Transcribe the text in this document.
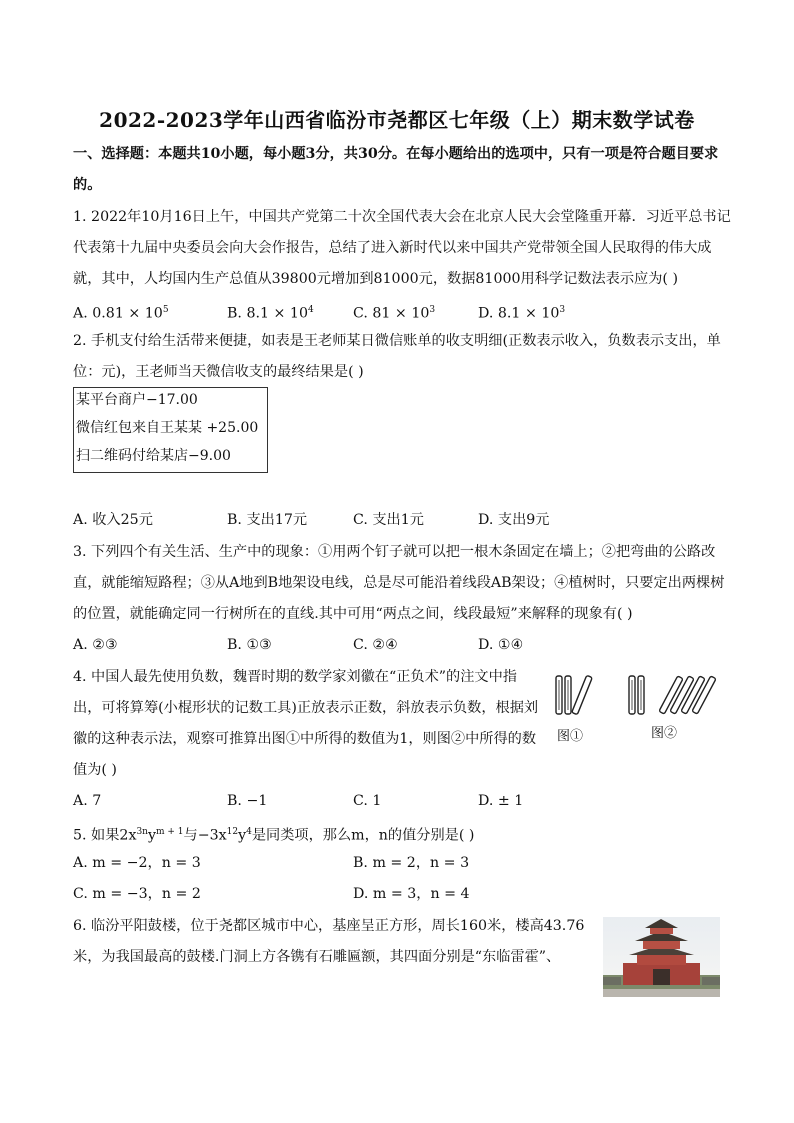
2022-2023学年山西省临汾市尧都区七年级（上）期末数学试卷
一、选择题：本题共10小题，每小题3分，共30分。在每小题给出的选项中，只有一项是符合题目要求
的。
1. 2022年10月16日上午，中国共产党第二十次全国代表大会在北京人民大会堂隆重开幕．习近平总书记
代表第十九届中央委员会向大会作报告，总结了进入新时代以来中国共产党带领全国人民取得的伟大成
就，其中，人均国内生产总值从39800元增加到81000元，数据81000用科学记数法表示应为( )
A. $0.81 \times 10^5$	B. $8.1 \times 10^4$	C. $81 \times 10^3$	D. $8.1 \times 10^3$
2. 手机支付给生活带来便捷，如表是王老师某日微信账单的收支明细(正数表示收入，负数表示支出，单
位：元)，王老师当天微信收支的最终结果是( )
某平台商户−17.00
微信红包来自王某某 +25.00
扫二维码付给某店−9.00
A. 收入25元	B. 支出17元	C. 支出1元	D. 支出9元
3. 下列四个有关生活、生产中的现象：①用两个钉子就可以把一根木条固定在墙上；②把弯曲的公路改
直，就能缩短路程；③从A地到B地架设电线，总是尽可能沿着线段AB架设；④植树时，只要定出两棵树
的位置，就能确定同一行树所在的直线.其中可用“两点之间，线段最短”来解释的现象有( )
A. ②③	B. ①③	C. ②④	D. ①④
4. 中国人最先使用负数，魏晋时期的数学家刘徽在“正负术”的注文中指
出，可将算筹(小棍形状的记数工具)正放表示正数，斜放表示负数，根据刘
徽的这种表示法，观察可推算出图①中所得的数值为1，则图②中所得的数
值为( )
图①	图②
A. 7	B. −1	C. 1	D. ± 1
5. 如果$2x^{3n}y^{m + 1}$与$-3x^{12}y^4$是同类项，那么m，n的值分别是( )
A. m = −2，n = 3	B. m = 2，n = 3
C. m = −3，n = 2	D. m = 3，n = 4
6. 临汾平阳鼓楼，位于尧都区城市中心，基座呈正方形，周长160米，楼高43.76
米，为我国最高的鼓楼.门洞上方各镌有石雕匾额，其四面分别是“东临雷霍”、
